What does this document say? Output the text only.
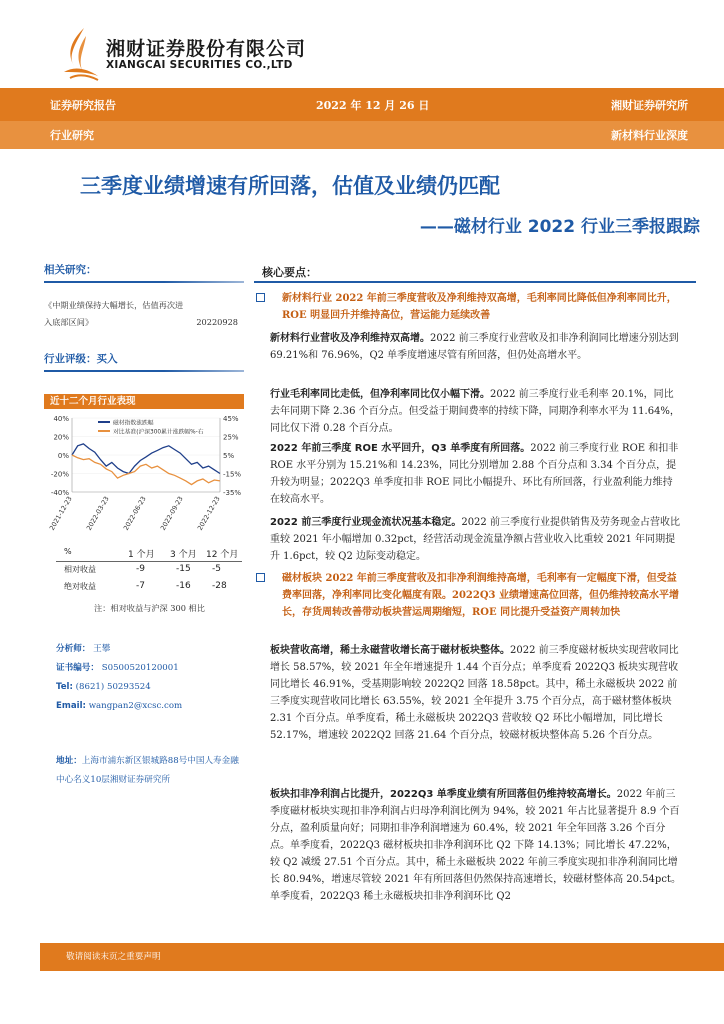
湘财证券股份有限公司
XIANGCAI SECURITIES CO.,LTD
证券研究报告	2022 年 12 月 26 日	湘财证券研究所
行业研究	新材料行业深度
三季度业绩增速有所回落，估值及业绩仍匹配
——磁材行业 2022 行业三季报跟踪
相关研究：
《中期业绩保持大幅增长，估值再次进入底部区间》	20220928
行业评级：买入
近十二个月行业表现
40%
20%
0%
-20%
-40%
45%
25%
5%
-15%
-35%
2021-12-23 2022-03-23 2022-06-23 2022-09-23 2022-12-23
磁材指数涨跌幅
对比基准(沪深300累计涨跌幅%-右
%	1 个月 3 个月 12 个月
相对收益	-9	-15 -5
绝对收益	-7	-16 -28
注：相对收益与沪深 300 相比
分析师： 王攀
证书编号： S0500520120001
Tel: (8621) 50293524
Email: wangpan2@xcsc.com
地址：上海市浦东新区银城路88号中国人寿金融中心名义10层湘财证券研究所
核心要点：
新材料行业 2022 年前三季度营收及净利维持双高增，毛利率同比降低但净利率同比升，ROE 明显回升并维持高位，营运能力延续改善
新材料行业营收及净利维持双高增。2022 前三季度行业营收及扣非净利润同比增速分别达到 69.21%和 76.96%，Q2 单季度增速尽管有所回落，但仍处高增水平。
行业毛利率同比走低，但净利率同比仅小幅下滑。2022 前三季度行业毛利率 20.1%，同比去年同期下降 2.36 个百分点。但受益于期间费率的持续下降，同期净利率水平为 11.64%，同比仅下滑 0.28 个百分点。
2022 年前三季度 ROE 水平回升，Q3 单季度有所回落。2022 前三季度行业 ROE 和扣非 ROE 水平分别为 15.21%和 14.23%，同比分别增加 2.88 个百分点和 3.34 个百分点，提升较为明显；2022Q3 单季度扣非 ROE 同比小幅提升、环比有所回落，行业盈利能力维持在较高水平。
2022 前三季度行业现金流状况基本稳定。2022 前三季度行业提供销售及劳务现金占营收比重较 2021 年小幅增加 0.32pct，经营活动现金流量净额占营业收入比重较 2021 年同期提升 1.6pct，较 Q2 边际变动稳定。
磁材板块 2022 年前三季度营收及扣非净利润维持高增，毛利率有一定幅度下滑，但受益费率回落，净利率同比变化幅度有限。2022Q3 业绩增速高位回落，但仍维持较高水平增长，存货周转改善带动板块营运周期缩短，ROE 同比提升受益资产周转加快
板块营收高增，稀土永磁营收增长高于磁材板块整体。2022 前三季度磁材板块实现营收同比增长 58.57%，较 2021 年全年增速提升 1.44 个百分点；单季度看 2022Q3 板块实现营收同比增长 46.91%，受基期影响较 2022Q2 回落 18.58pct。其中，稀土永磁板块 2022 前三季度实现营收同比增长 63.55%，较 2021 全年提升 3.75 个百分点，高于磁材整体板块 2.31 个百分点。单季度看，稀土永磁板块 2022Q3 营收较 Q2 环比小幅增加，同比增长 52.17%，增速较 2022Q2 回落 21.64 个百分点，较磁材板块整体高 5.26 个百分点。
板块扣非净利润占比提升，2022Q3 单季度业绩有所回落但仍维持较高增长。2022 年前三季度磁材板块实现扣非净利润占归母净利润比例为 94%，较 2021 年占比显著提升 8.9 个百分点，盈利质量向好；同期扣非净利润增速为 60.4%，较 2021 年全年回落 3.26 个百分点。单季度看，2022Q3 磁材板块扣非净利润环比 Q2 下降 14.13%；同比增长 47.22%，较 Q2 减缓 27.51 个百分点。其中，稀土永磁板块 2022 年前三季度实现扣非净利润同比增长 80.94%，增速尽管较 2021 年有所回落但仍然保持高速增长，较磁材整体高 20.54pct。单季度看，2022Q3 稀土永磁板块扣非净利润环比 Q2
敬请阅读末页之重要声明
